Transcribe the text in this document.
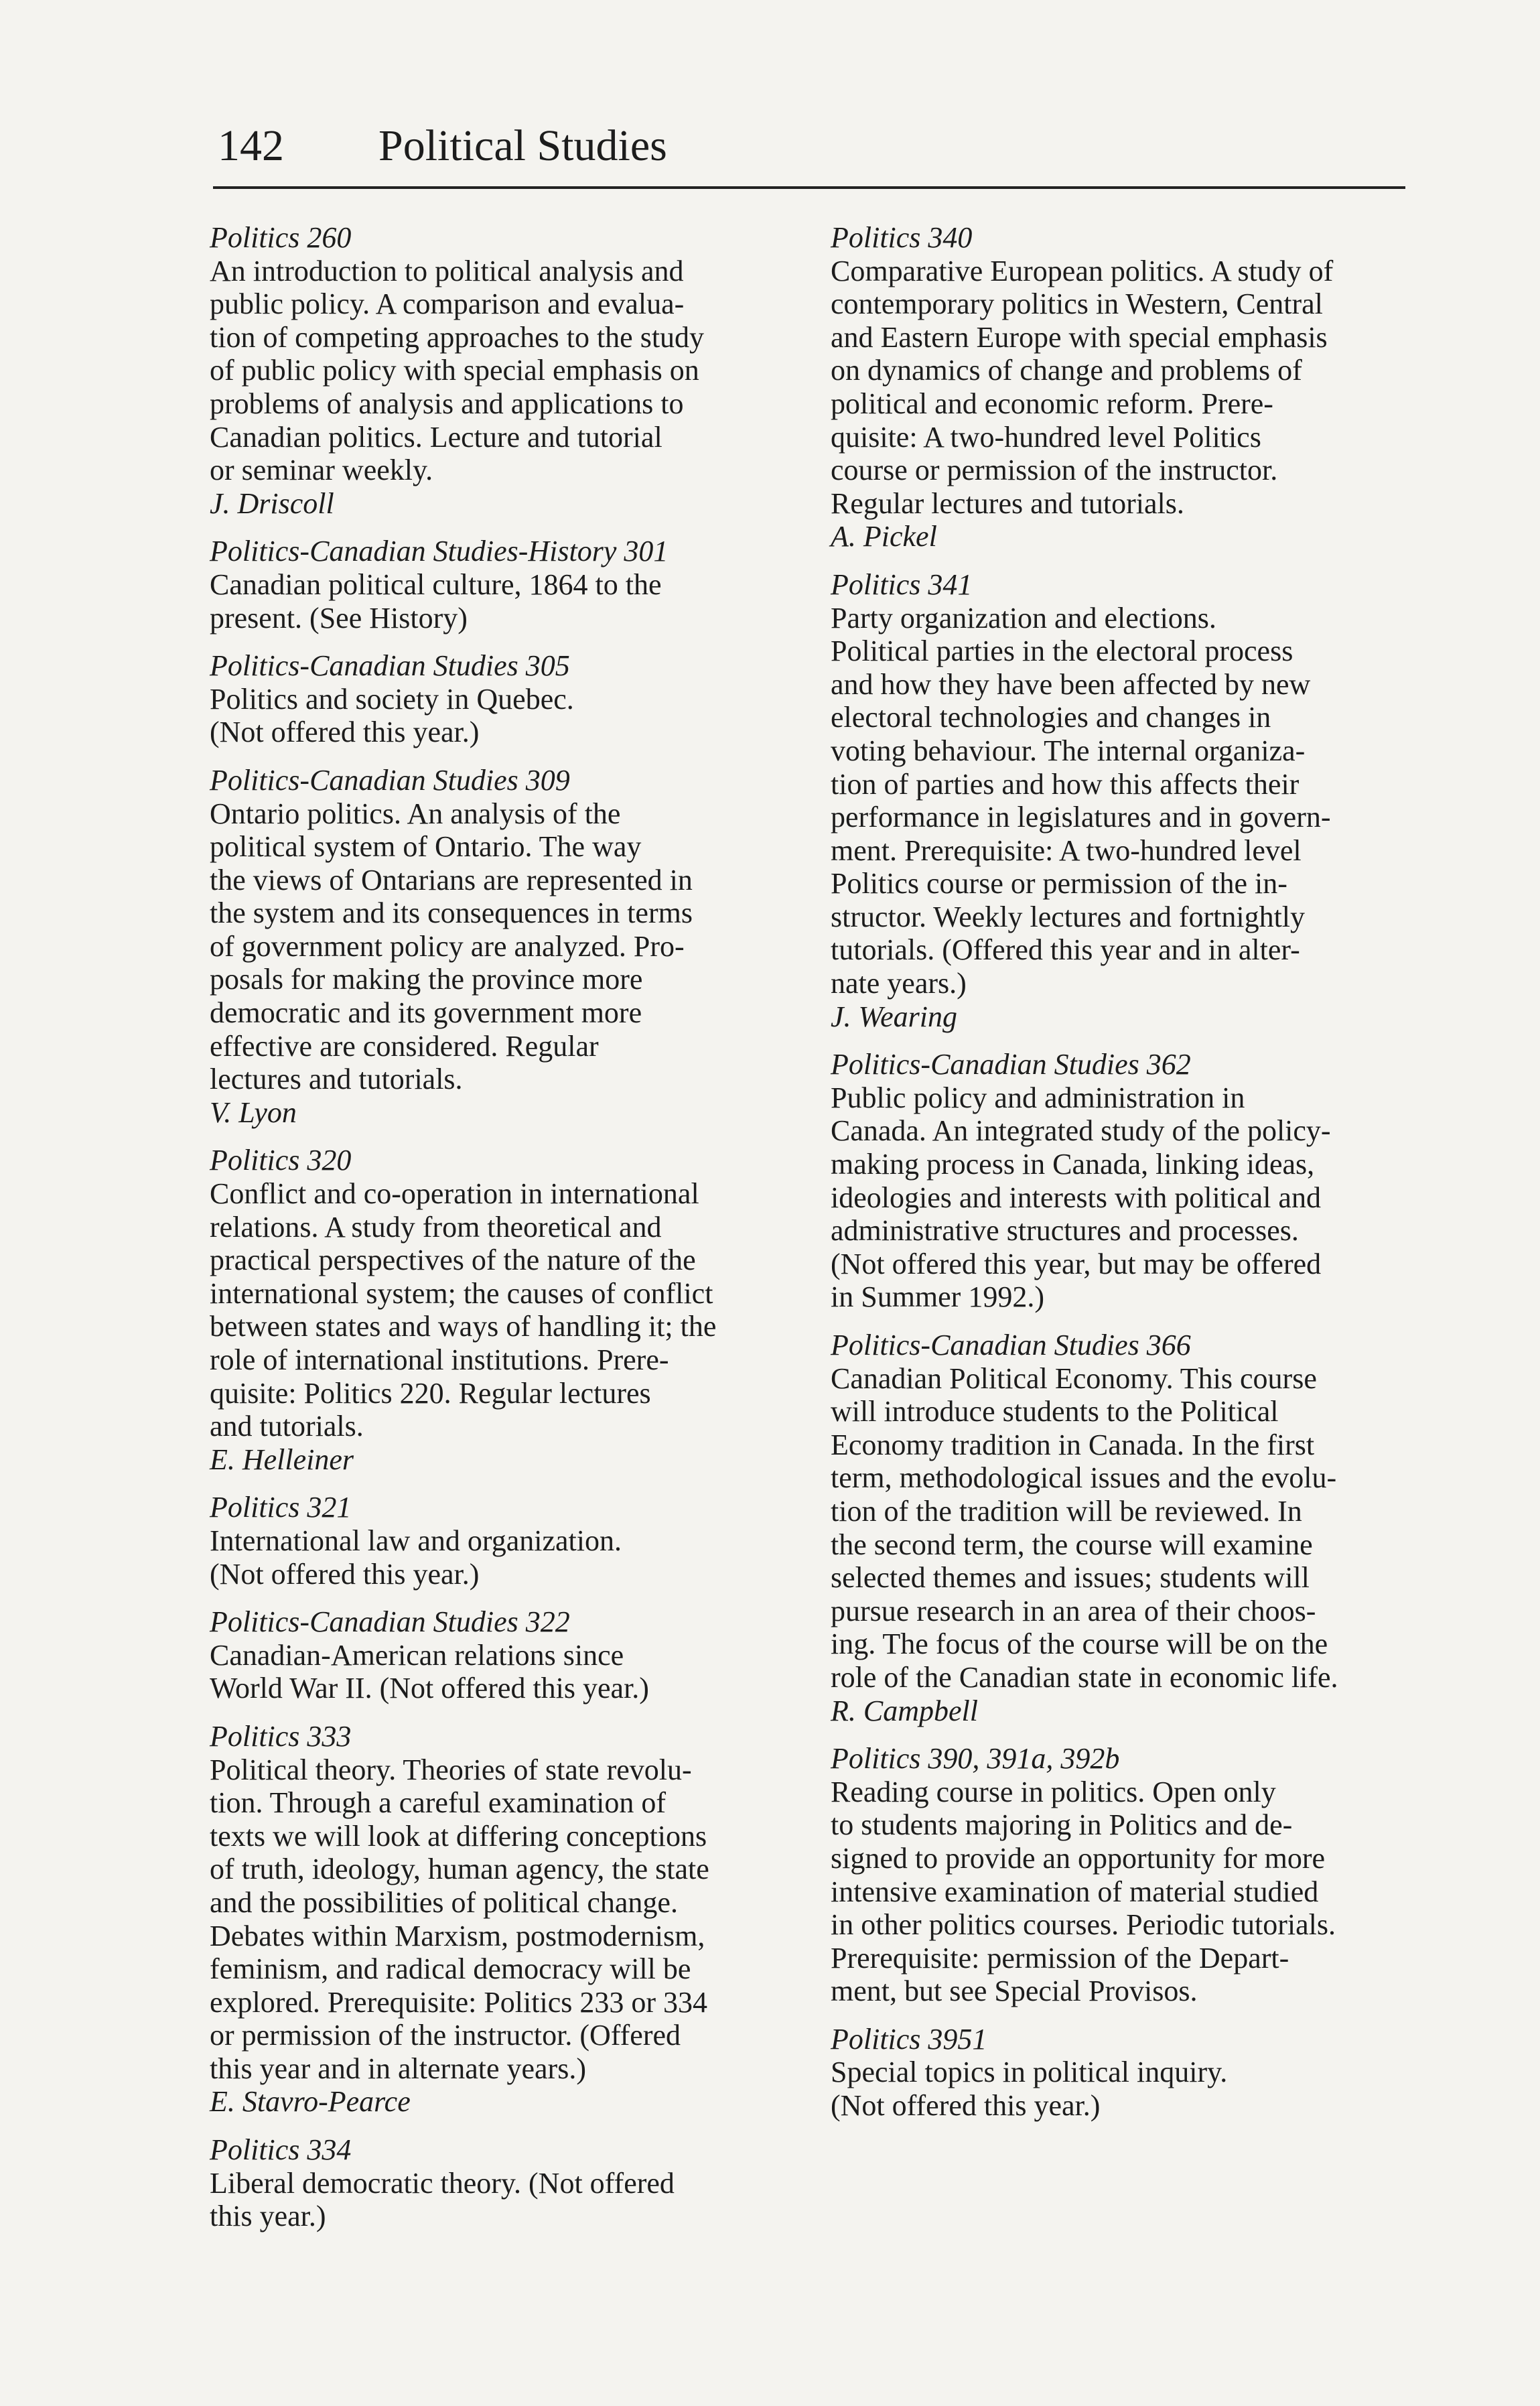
142 Political Studies
Politics 260
An introduction to political analysis and
public policy. A comparison and evalua-
tion of competing approaches to the study
of public policy with special emphasis on
problems of analysis and applications to
Canadian politics. Lecture and tutorial
or seminar weekly.
J. Driscoll
Politics-Canadian Studies-History 301
Canadian political culture, 1864 to the
present. (See History)
Politics-Canadian Studies 305
Politics and society in Quebec.
(Not offered this year.)
Politics-Canadian Studies 309
Ontario politics. An analysis of the
political system of Ontario. The way
the views of Ontarians are represented in
the system and its consequences in terms
of government policy are analyzed. Pro-
posals for making the province more
democratic and its government more
effective are considered. Regular
lectures and tutorials.
V. Lyon
Politics 320
Conflict and co-operation in international
relations. A study from theoretical and
practical perspectives of the nature of the
international system; the causes of conflict
between states and ways of handling it; the
role of international institutions. Prere-
quisite: Politics 220. Regular lectures
and tutorials.
E. Helleiner
Politics 321
International law and organization.
(Not offered this year.)
Politics-Canadian Studies 322
Canadian-American relations since
World War II. (Not offered this year.)
Politics 333
Political theory. Theories of state revolu-
tion. Through a careful examination of
texts we will look at differing conceptions
of truth, ideology, human agency, the state
and the possibilities of political change.
Debates within Marxism, postmodernism,
feminism, and radical democracy will be
explored. Prerequisite: Politics 233 or 334
or permission of the instructor. (Offered
this year and in alternate years.)
E. Stavro-Pearce
Politics 334
Liberal democratic theory. (Not offered
this year.)
Politics 340
Comparative European politics. A study of
contemporary politics in Western, Central
and Eastern Europe with special emphasis
on dynamics of change and problems of
political and economic reform. Prere-
quisite: A two-hundred level Politics
course or permission of the instructor.
Regular lectures and tutorials.
A. Pickel
Politics 341
Party organization and elections.
Political parties in the electoral process
and how they have been affected by new
electoral technologies and changes in
voting behaviour. The internal organiza-
tion of parties and how this affects their
performance in legislatures and in govern-
ment. Prerequisite: A two-hundred level
Politics course or permission of the in-
structor. Weekly lectures and fortnightly
tutorials. (Offered this year and in alter-
nate years.)
J. Wearing
Politics-Canadian Studies 362
Public policy and administration in
Canada. An integrated study of the policy-
making process in Canada, linking ideas,
ideologies and interests with political and
administrative structures and processes.
(Not offered this year, but may be offered
in Summer 1992.)
Politics-Canadian Studies 366
Canadian Political Economy. This course
will introduce students to the Political
Economy tradition in Canada. In the first
term, methodological issues and the evolu-
tion of the tradition will be reviewed. In
the second term, the course will examine
selected themes and issues; students will
pursue research in an area of their choos-
ing. The focus of the course will be on the
role of the Canadian state in economic life.
R. Campbell
Politics 390, 391a, 392b
Reading course in politics. Open only
to students majoring in Politics and de-
signed to provide an opportunity for more
intensive examination of material studied
in other politics courses. Periodic tutorials.
Prerequisite: permission of the Depart-
ment, but see Special Provisos.
Politics 3951
Special topics in political inquiry.
(Not offered this year.)
